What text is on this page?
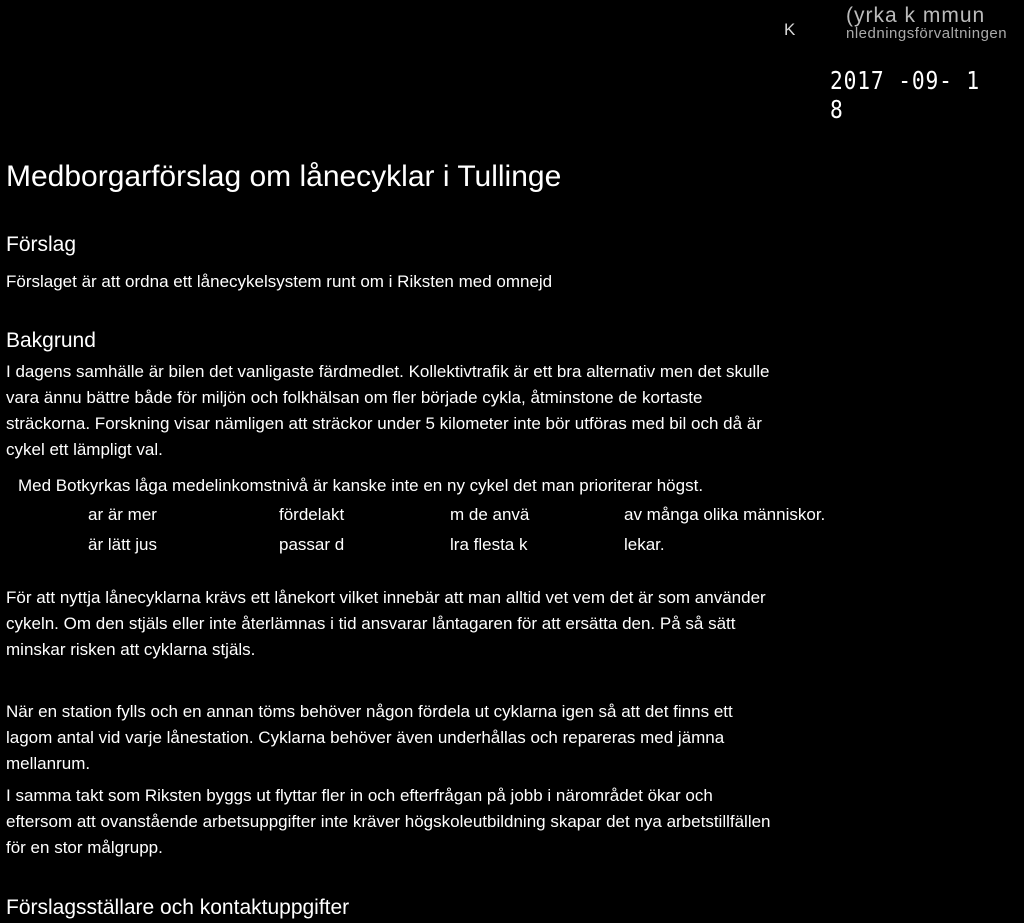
K
(yrka k mmun
nledningsförvaltningen
2017 -09- 1 8
Medborgarförslag om lånecyklar i Tullinge
Förslag

Förslaget är att ordna ett lånecykelsystem runt om i Riksten med omnejd

Bakgrund

I dagens samhälle är bilen det vanligaste färdmedlet. Kollektivtrafik är ett bra alternativ men det skulle
vara ännu bättre både för miljön och folkhälsan om fler började cykla, åtminstone de kortaste
sträckorna. Forskning visar nämligen att sträckor under 5 kilometer inte bör utföras med bil och då är
cykel ett lämpligt val.

Med Botkyrkas låga medelinkomstnivå är kanske inte en ny cykel det man prioriterar högst.

ar är mer	fördelakt	m de anvä	av många olika människor.
är lätt jus	passar d	lra flesta k	lekar.

För att nyttja lånecyklarna krävs ett lånekort vilket innebär att man alltid vet vem det är som använder
cykeln. Om den stjäls eller inte återlämnas i tid ansvarar låntagaren för att ersätta den. På så sätt
minskar risken att cyklarna stjäls.

När en station fylls och en annan töms behöver någon fördela ut cyklarna igen så att det finns ett
lagom antal vid varje lånestation. Cyklarna behöver även underhållas och repareras med jämna
mellanrum.

I samma takt som Riksten byggs ut flyttar fler in och efterfrågan på jobb i närområdet ökar och
eftersom att ovanstående arbetsuppgifter inte kräver högskoleutbildning skapar det nya arbetstillfällen
för en stor målgrupp.

Förslagsställare och kontaktuppgifter
